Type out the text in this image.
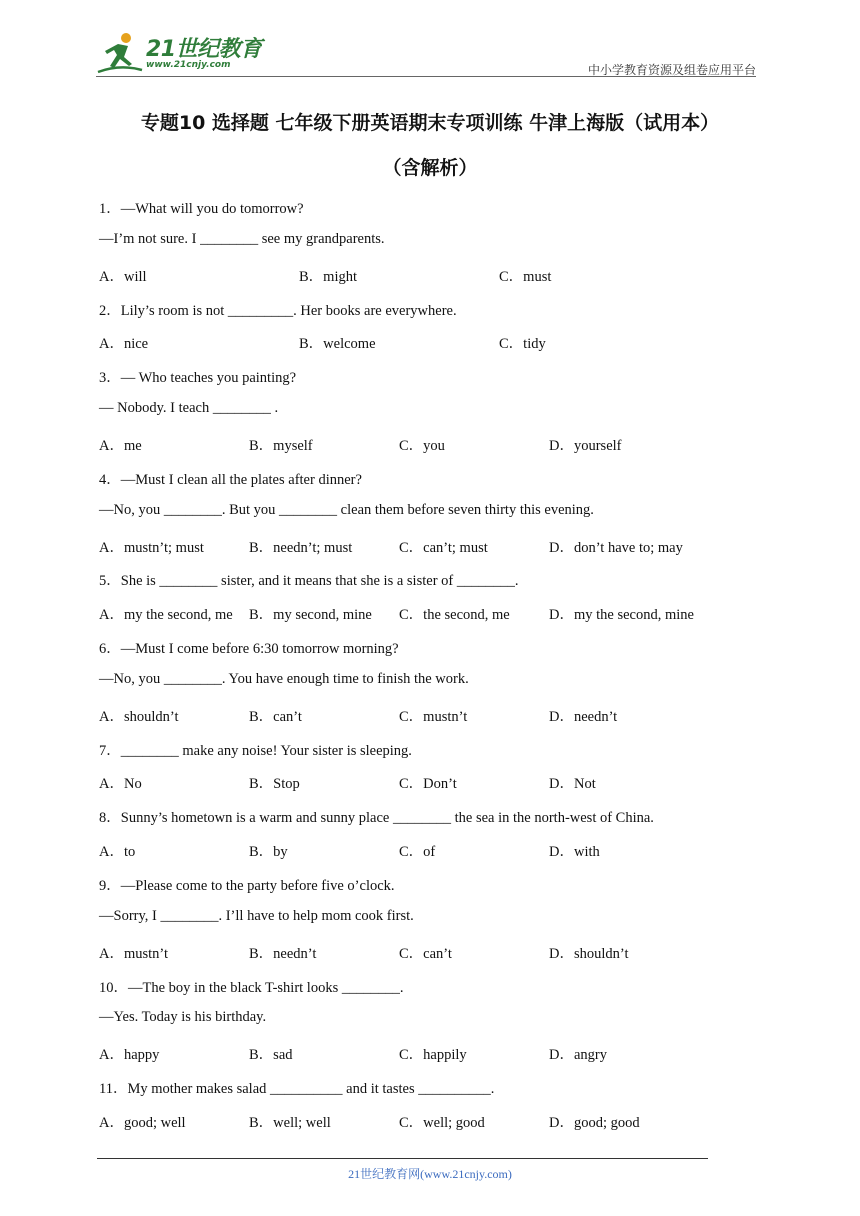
21世纪教育
www.21cnjy.com	中小学教育资源及组卷应用平台
专题10 选择题 七年级下册英语期末专项训练 牛津上海版（试用本）
（含解析）
1．—What will you do tomorrow?
—I’m not sure. I ________ see my grandparents.
A．will	B．might	C．must
2．Lily’s room is not _________. Her books are everywhere.
A．nice	B．welcome	C．tidy
3．— Who teaches you painting?
— Nobody. I teach ________ .
A．me	B．myself	C．you	D．yourself
4．—Must I clean all the plates after dinner?
—No, you ________. But you ________ clean them before seven thirty this evening.
A．mustn’t; must	B．needn’t; must	C．can’t; must	D．don’t have to; may
5．She is ________ sister, and it means that she is a sister of ________.
A．my the second, me B．my second, mine C．the second, me	D．my the second, mine
6．—Must I come before 6:30 tomorrow morning?
—No, you ________. You have enough time to finish the work.
A．shouldn’t	B．can’t	C．mustn’t	D．needn’t
7．________ make any noise! Your sister is sleeping.
A．No	B．Stop	C．Don’t	D．Not
8．Sunny’s hometown is a warm and sunny place ________ the sea in the north-west of China.
A．to	B．by	C．of	D．with
9．—Please come to the party before five o’clock.
—Sorry, I ________. I’ll have to help mom cook first.
A．mustn’t	B．needn’t	C．can’t	D．shouldn’t
10．—The boy in the black T-shirt looks ________.
—Yes. Today is his birthday.
A．happy	B．sad	C．happily	D．angry
11．My mother makes salad __________ and it tastes __________.
A．good; well	B．well; well	C．well; good	D．good; good
21世纪教育网(www.21cnjy.com)
